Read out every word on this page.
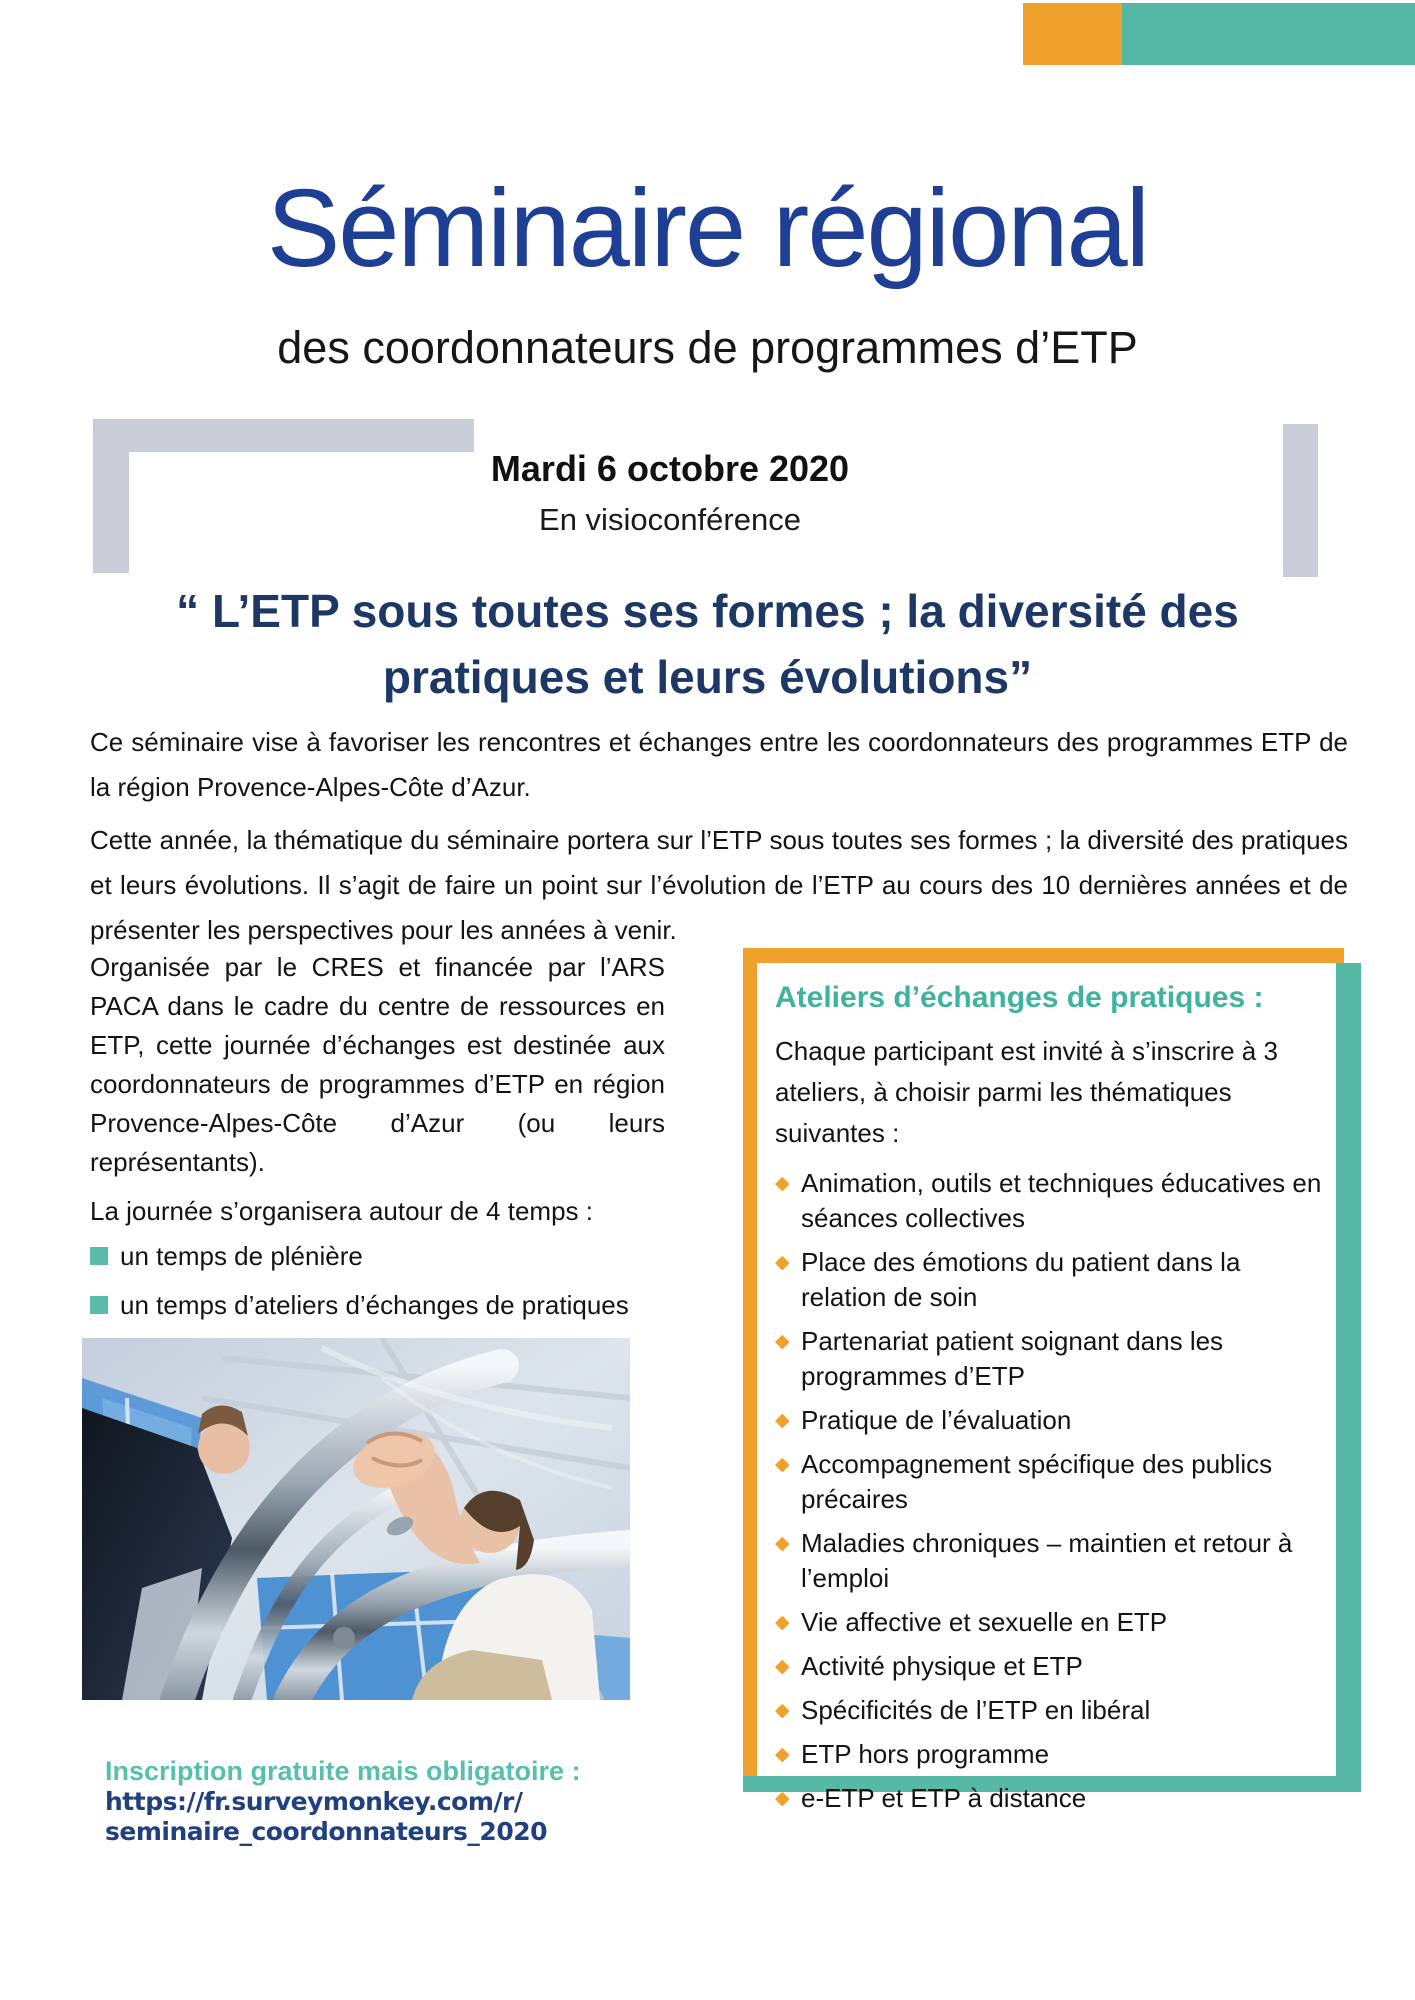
Séminaire régional
des coordonnateurs de programmes d’ETP
Mardi 6 octobre 2020
En visioconférence
“ L’ETP sous toutes ses formes ; la diversité des
pratiques et leurs évolutions”

Ce séminaire vise à favoriser les rencontres et échanges entre les coordonnateurs des programmes ETP de la région Provence-Alpes-Côte d’Azur.

Cette année, la thématique du séminaire portera sur l’ETP sous toutes ses formes ; la diversité des pratiques et leurs évolutions. Il s’agit de faire un point sur l’évolution de l’ETP au cours des 10 dernières années et de présenter les perspectives pour les années à venir.

Organisée par le CRES et financée par l’ARS PACA dans le cadre du centre de ressources en ETP, cette journée d’échanges est destinée aux coordonnateurs de programmes d’ETP en région Provence-Alpes-Côte d’Azur (ou leurs représentants).

La journée s’organisera autour de 4 temps :
un temps de plénière
un temps d’ateliers d’échanges de pratiques

Ateliers d’échanges de pratiques :

Chaque participant est invité à s’inscrire à 3 ateliers, à choisir parmi les thématiques suivantes :

◆ Animation, outils et techniques éducatives en séances collectives
◆ Place des émotions du patient dans la relation de soin
◆ Partenariat patient soignant dans les programmes d’ETP
◆ Pratique de l’évaluation
◆ Accompagnement spécifique des publics précaires
◆ Maladies chroniques – maintien et retour à l’emploi
◆ Vie affective et sexuelle en ETP
◆ Activité physique et ETP
◆ Spécificités de l’ETP en libéral
◆ ETP hors programme
◆ e-ETP et ETP à distance
Inscription gratuite mais obligatoire :
https://fr.surveymonkey.com/r/
seminaire_coordonnateurs_2020
